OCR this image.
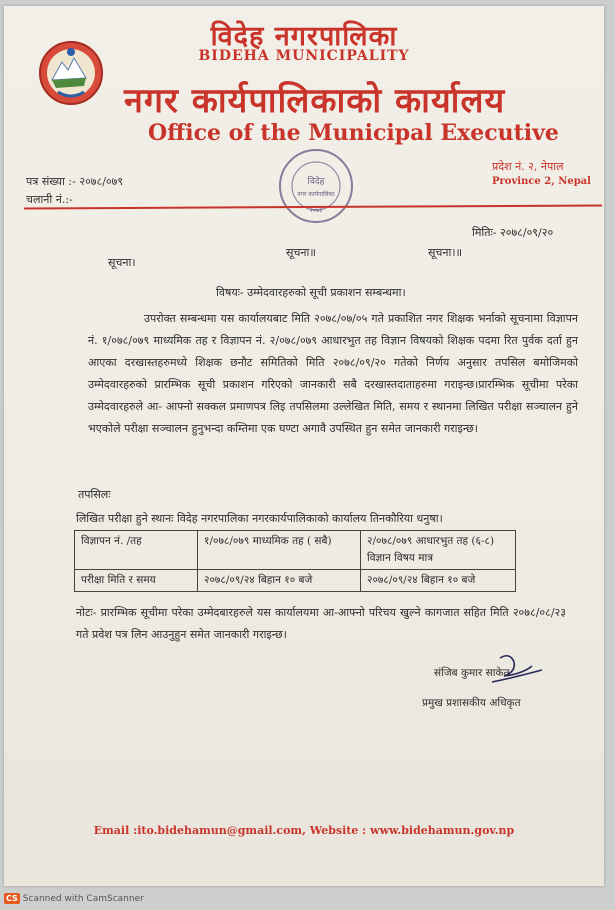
विदेह नगरपालिका
BIDEHA MUNICIPALITY
नगर कार्यपालिकाको कार्यालय
Office of the Municipal Executive
पत्र संख्या :- २०७८/०७९
चलानी नं.:-
विदेह
नगर कार्यपालिका
२०७३
प्रदेश नं. २, नेपाल
Province 2, Nepal
मितिः- २०७८/०९/२०
सूचना।
सूचना॥	सूचना।॥
विषयः- उम्मेदवारहरुको सूची प्रकाशन सम्बन्धमा।
उपरोक्त सम्बन्धमा यस कार्यालयबाट मिति २०७८/०७/०५ गते प्रकाशित नगर शिक्षक भर्नाको सूचनामा विज्ञापन नं. १/०७८/०७९ माध्यमिक तह र विज्ञापन नं. २/०७८/०७९ आधारभुत तह विज्ञान विषयको शिक्षक पदमा रित पुर्वक दर्ता हुन आएका दरखास्तहरुमध्ये शिक्षक छनौट समितिको मिति २०७८/०९/२० गतेको निर्णय अनुसार तपसिल बमोजिमको उम्मेदवारहरुको प्रारम्भिक सूची प्रकाशन गरिएको जानकारी सबै दरखास्तदाताहरुमा गराइन्छ।प्रारम्भिक सूचीमा परेका उम्मेदवारहरुले आ- आफ्नो सक्कल प्रमाणपत्र लिइ तपसिलमा उल्लेखित मिति, समय र स्थानमा लिखित परीक्षा सञ्चालन हुने भएकोले परीक्षा सञ्चालन हुनुभन्दा कम्तिमा एक घण्टा अगावै उपस्थित हुन समेत जानकारी गराइन्छ।
तपसिलः
लिखित परीक्षा हुने स्थानः विदेह नगरपालिका नगरकार्यपालिकाको कार्यालय तिनकौरिया धनुषा।
विज्ञापन नं. /तह	१/०७८/०७९ माध्यमिक तह ( सबै)	२/०७८/०७९ आधारभुत तह (६-८) विज्ञान विषय मात्र
परीक्षा मिति र समय	२०७८/०९/२४ बिहान १० बजे	२०७८/०९/२४ बिहान १० बजे
नोटः- प्रारम्भिक सूचीमा परेका उम्मेदबारहरुले यस कार्यालयमा आ-आफ्नो परिचय खुल्ने कागजात सहित मिति २०७८/०८/२३ गते प्रवेश पत्र लिन आउनुहुन समेत जानकारी गराइन्छ।
संजिब कुमार साकेत
प्रमुख प्रशासकीय अधिकृत
Email :ito.bidehamun@gmail.com, Website : www.bidehamun.gov.np
CS Scanned with CamScanner
